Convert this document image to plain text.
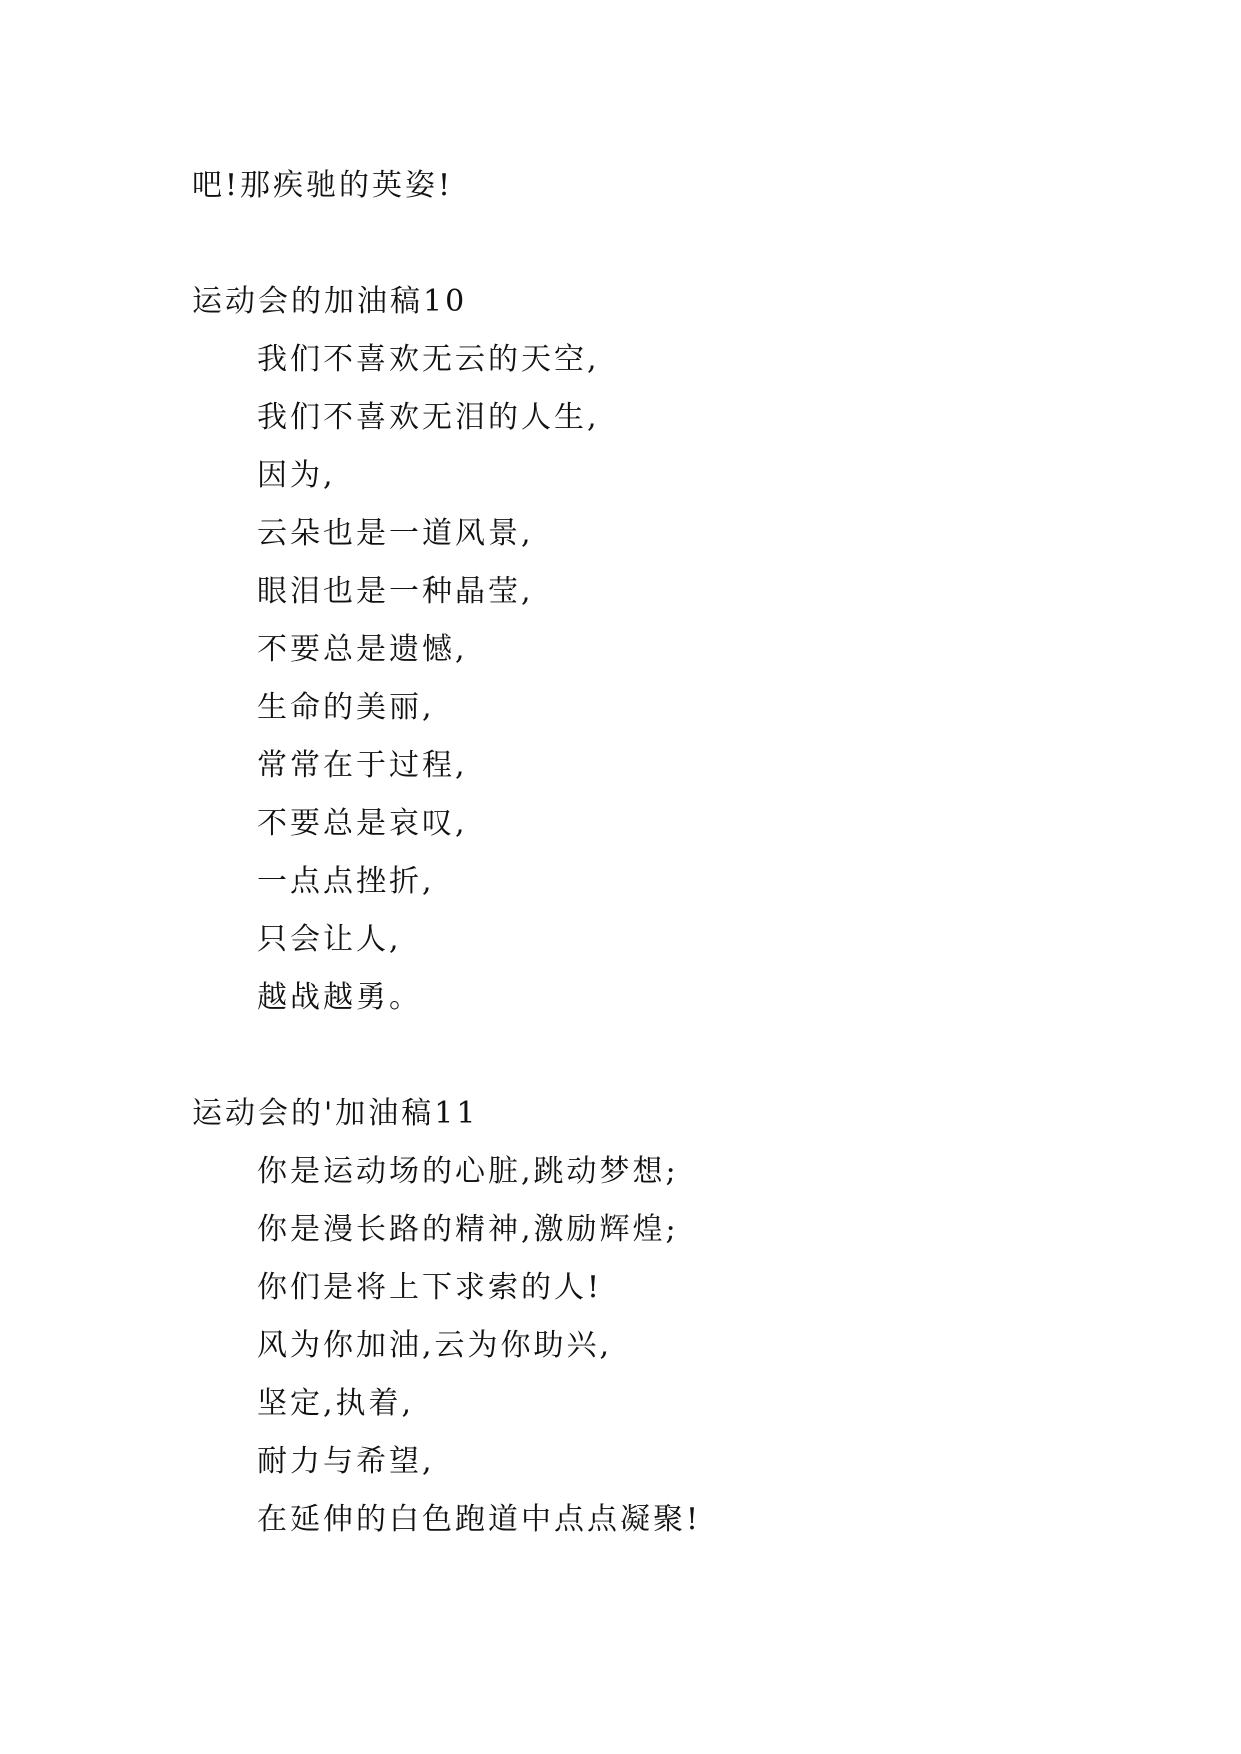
吧!那疾驰的英姿!
运动会的加油稿10
我们不喜欢无云的天空,
我们不喜欢无泪的人生,
因为,
云朵也是一道风景,
眼泪也是一种晶莹,
不要总是遗憾,
生命的美丽,
常常在于过程,
不要总是哀叹,
一点点挫折,
只会让人,
越战越勇。
运动会的'加油稿11
你是运动场的心脏,跳动梦想;
你是漫长路的精神,激励辉煌;
你们是将上下求索的人!
风为你加油,云为你助兴,
坚定,执着,
耐力与希望,
在延伸的白色跑道中点点凝聚!
